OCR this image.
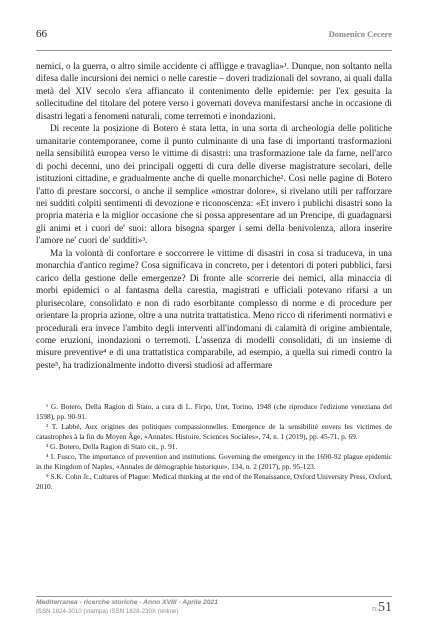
66	Domenico Cecere

nemici, o la guerra, o altro simile accidente ci affligge e travaglia»¹. Dunque, non soltanto nella difesa dalle incursioni dei nemici o nelle carestie – doveri tradizionali del sovrano, ai quali dalla metà del XIV secolo s'era affiancato il contenimento delle epidemie: per l'ex gesuita la sollecitudine del titolare del potere verso i governati doveva manifestarsi anche in occasione di disastri legati a fenomeni naturali, come terremoti e inondazioni.

Di recente la posizione di Botero è stata letta, in una sorta di archeologia delle politiche umanitarie contemporanee, come il punto culminante di una fase di importanti trasformazioni nella sensibilità europea verso le vittime di disastri: una trasformazione tale da farne, nell'arco di pochi decenni, uno dei principali oggetti di cura delle diverse magistrature secolari, delle istituzioni cittadine, e gradualmente anche di quelle monarchiche². Così nelle pagine di Botero l'atto di prestare soccorsi, o anche il semplice «mostrar dolore», si rivelano utili per rafforzare nei sudditi colpiti sentimenti di devozione e riconoscenza: «Et invero i publichi disastri sono la propria materia e la miglior occasione che si possa appresentare ad un Prencipe, di guadagnarsi gli animi et i cuori de' suoi: allora bisogna sparger i semi della benivolenza, allora inserire l'amore ne' cuori de' sudditi»³.

Ma la volontà di confortare e soccorrere le vittime di disastri in cosa si traduceva, in una monarchia d'antico regime? Cosa significava in concreto, per i detentori di poteri pubblici, farsi carico della gestione delle emergenze? Di fronte alle scorrerie dei nemici, alla minaccia di morbi epidemici o al fantasma della carestia, magistrati e ufficiali potevano rifarsi a un plurisecolare, consolidato e non di rado esorbitante complesso di norme e di procedure per orientare la propria azione, oltre a una nutrita trattatistica. Meno ricco di riferimenti normativi e procedurali era invece l'ambito degli interventi all'indomani di calamità di origine ambientale, come eruzioni, inondazioni o terremoti. L'assenza di modelli consolidati, di un insieme di misure preventive⁴ e di una trattatistica comparabile, ad esempio, a quella sui rimedi contro la peste⁵, ha tradizionalmente indotto diversi studiosi ad affermare

¹ G. Botero, Della Ragion di Stato, a cura di L. Firpo, Utet, Torino, 1948 (che riproduce l'edizione veneziana del 1598), pp. 90-91.

² T. Labbé, Aux origines des politiques compassionnelles. Emergence de la sensibilité envers les victimes de catastrophes à la fin du Moyen Âge, «Annales. Histoire, Sciences Sociales», 74, n. 1 (2019), pp. 45-71, p. 69.

³ G. Botero, Della Ragion di Stato cit., p. 91.

⁴ I. Fusco, The importance of prevention and institutions. Governing the emergency in the 1690-92 plague epidemic in the Kingdom of Naples, «Annales de démographie historique», 134, n. 2 (2017), pp. 95-123.

⁵ S.K. Cohn Jr., Cultures of Plague: Medical thinking at the end of the Renaissance, Oxford University Press, Oxford, 2010.

Mediterranea - ricerche storiche - Anno XVIII - Aprile 2021
ISSN 1824-3010 (stampa) ISSN 1828-230X (online)	n. 51
